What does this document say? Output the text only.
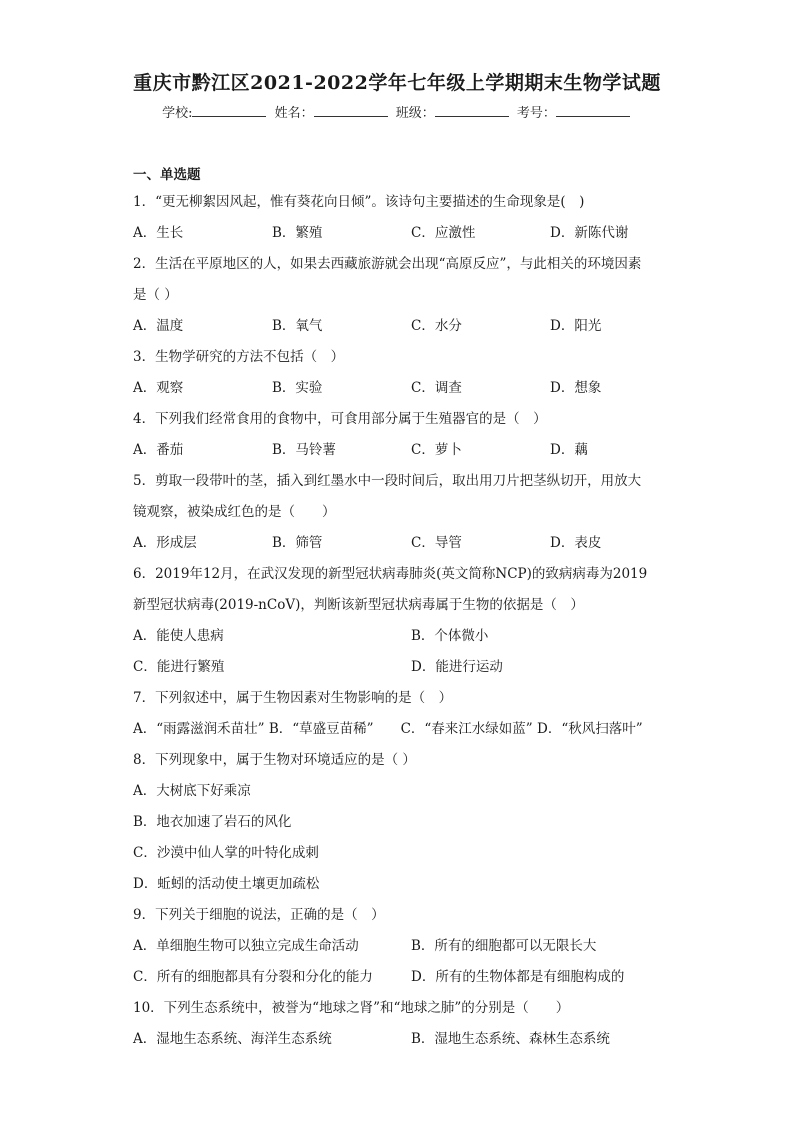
重庆市黔江区2021-2022学年七年级上学期期末生物学试题
学校:	姓名：	班级：	考号：
一、单选题
1．“更无柳絮因风起，惟有葵花向日倾”。该诗句主要描述的生命现象是(　)
A．生长	B．繁殖	C．应激性	D．新陈代谢
2．生活在平原地区的人，如果去西藏旅游就会出现“高原反应”，与此相关的环境因素
是（ ）
A．温度	B．氧气	C．水分	D．阳光
3．生物学研究的方法不包括（　）
A．观察	B．实验	C．调查	D．想象
4．下列我们经常食用的食物中，可食用部分属于生殖器官的是（　）
A．番茄	B．马铃薯	C．萝卜	D．藕
5．剪取一段带叶的茎，插入到红墨水中一段时间后，取出用刀片把茎纵切开，用放大
镜观察，被染成红色的是（　　）
A．形成层	B．筛管	C．导管	D．表皮
6．2019年12月，在武汉发现的新型冠状病毒肺炎(英文简称NCP)的致病病毒为2019
新型冠状病毒(2019-nCoV)，判断该新型冠状病毒属于生物的依据是（　）
A．能使人患病	B．个体微小
C．能进行繁殖	D．能进行运动
7．下列叙述中，属于生物因素对生物影响的是（　）
A．“雨露滋润禾苗壮” B．“草盛豆苗稀”　　C．“春来江水绿如蓝” D．“秋风扫落叶”
8．下列现象中，属于生物对环境适应的是（ ）
A．大树底下好乘凉
B．地衣加速了岩石的风化
C．沙漠中仙人掌的叶特化成刺
D．蚯蚓的活动使土壤更加疏松
9．下列关于细胞的说法，正确的是（　）
A．单细胞生物可以独立完成生命活动	B．所有的细胞都可以无限长大
C．所有的细胞都具有分裂和分化的能力	D．所有的生物体都是有细胞构成的
10．下列生态系统中，被誉为“地球之肾”和“地球之肺”的分别是（　　）
A．湿地生态系统、海洋生态系统	B．湿地生态系统、森林生态系统
